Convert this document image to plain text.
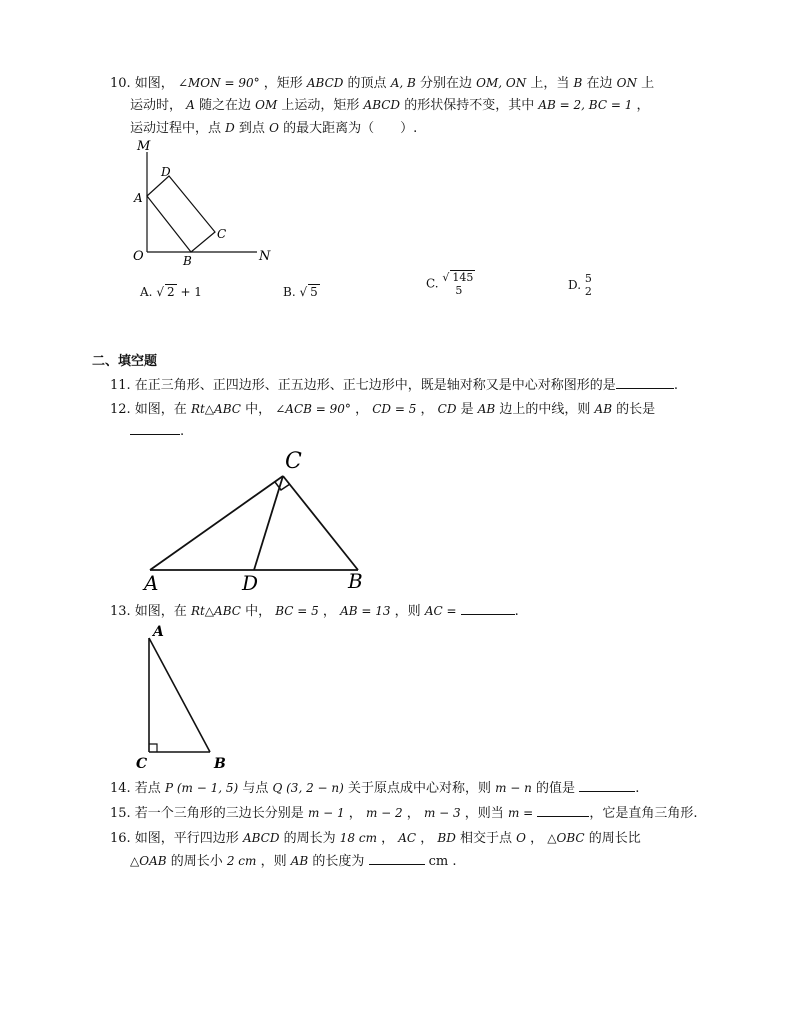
10. 如图， ∠MON = 90° ，矩形 ABCD 的顶点 A, B 分别在边 OM, ON 上，当 B 在边 ON 上
运动时， A 随之在边 OM 上运动，矩形 ABCD 的形状保持不变，其中 AB = 2, BC = 1 ，
运动过程中，点 D 到点 O 的最大距离为（　　）.
M
D
A
C
O	B	N
A. √ 2 + 1	B. √ 5
C. √ 145
5	D. 5
2
二、填空题
11. 在正三角形、正四边形、正五边形、正七边形中，既是轴对称又是中心对称图形的是	.
12. 如图，在 Rt△ABC 中， ∠ACB = 90° ， CD = 5 ， CD 是 AB 边上的中线，则 AB 的长是
.
C
A	D	B
13. 如图，在 Rt△ABC 中， BC = 5 ， AB = 13 ，则 AC =	.
A
C	B
14. 若点 P (m − 1, 5) 与点 Q (3, 2 − n) 关于原点成中心对称，则 m − n 的值是	.
15. 若一个三角形的三边长分别是 m − 1 ， m − 2 ， m − 3 ，则当 m =	，它是直角三角形.
16. 如图，平行四边形 ABCD 的周长为 18 cm ， AC ， BD 相交于点 O ， △OBC 的周长比
△OAB 的周长小 2 cm ，则 AB 的长度为	cm .
